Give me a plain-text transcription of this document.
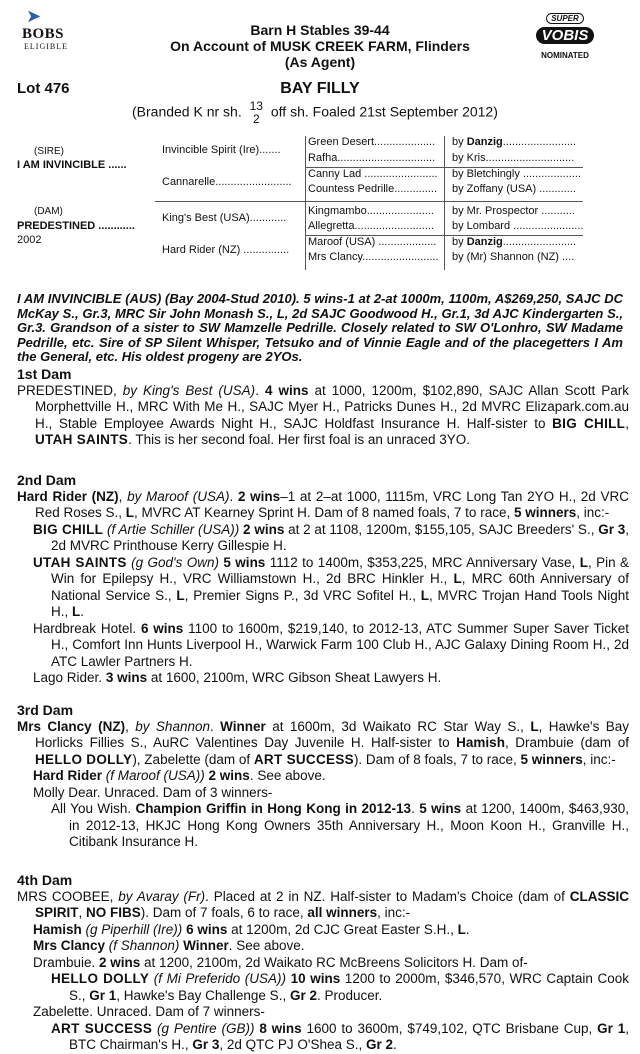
➤
BOBS
ELIGIBLE
SUPER
VOBIS
NOMINATED
Barn H Stables 39-44
On Account of MUSK CREEK FARM, Flinders
(As Agent)
Lot 476	BAY FILLY
(Branded K nr sh. 13
2 off sh. Foaled 21st September 2012)
(SIRE)
I AM INVINCIBLE ......
(DAM)
PREDESTINED ............
2002
Invincible Spirit (Ire).......
Cannarelle.........................
King's Best (USA)............
Hard Rider (NZ) ...............
Green Desert.................... by Danzig........................
Rafha................................ by Kris.............................
Canny Lad ........................ by Bletchingly ...................
Countess Pedrille.............. by Zoffany (USA) ............
Kingmambo...................... by Mr. Prospector ...........
Allegretta.......................... by Lombard .......................
Maroof (USA) ................... by Danzig........................
Mrs Clancy......................... by (Mr) Shannon (NZ) ....
I AM INVINCIBLE (AUS) (Bay 2004-Stud 2010). 5 wins-1 at 2-at 1000m, 1100m, A$269,250, SAJC DC McKay S., Gr.3, MRC Sir John Monash S., L, 2d SAJC Goodwood H., Gr.1, 3d AJC Kindergarten S., Gr.3. Grandson of a sister to SW Mamzelle Pedrille. Closely related to SW O'Lonhro, SW Madame Pedrille, etc. Sire of SP Silent Whisper, Tetsuko and of Vinnie Eagle and of the placegetters I Am the General, etc. His oldest progeny are 2YOs.
1st Dam

PREDESTINED, by King's Best (USA). 4 wins at 1000, 1200m, $102,890, SAJC Allan Scott Park Morphettville H., MRC With Me H., SAJC Myer H., Patricks Dunes H., 2d MVRC Elizapark.com.au H., Stable Employee Awards Night H., SAJC Holdfast Insurance H. Half-sister to BIG CHILL, UTAH SAINTS. This is her second foal. Her first foal is an unraced 3YO.

2nd Dam

Hard Rider (NZ), by Maroof (USA). 2 wins–1 at 2–at 1000, 1115m, VRC Long Tan 2YO H., 2d VRC Red Roses S., L, MVRC AT Kearney Sprint H. Dam of 8 named foals, 7 to race, 5 winners, inc:-

BIG CHILL (f Artie Schiller (USA)) 2 wins at 2 at 1108, 1200m, $155,105, SAJC Breeders' S., Gr 3, 2d MVRC Printhouse Kerry Gillespie H.

UTAH SAINTS (g God's Own) 5 wins 1112 to 1400m, $353,225, MRC Anniversary Vase, L, Pin & Win for Epilepsy H., VRC Williamstown H., 2d BRC Hinkler H., L, MRC 60th Anniversary of National Service S., L, Premier Signs P., 3d VRC Sofitel H., L, MVRC Trojan Hand Tools Night H., L.

Hardbreak Hotel. 6 wins 1100 to 1600m, $219,140, to 2012-13, ATC Summer Super Saver Ticket H., Comfort Inn Hunts Liverpool H., Warwick Farm 100 Club H., AJC Galaxy Dining Room H., 2d ATC Lawler Partners H.

Lago Rider. 3 wins at 1600, 2100m, WRC Gibson Sheat Lawyers H.

3rd Dam

Mrs Clancy (NZ), by Shannon. Winner at 1600m, 3d Waikato RC Star Way S., L, Hawke's Bay Horlicks Fillies S., AuRC Valentines Day Juvenile H. Half-sister to Hamish, Drambuie (dam of HELLO DOLLY), Zabelette (dam of ART SUCCESS). Dam of 8 foals, 7 to race, 5 winners, inc:-

Hard Rider (f Maroof (USA)) 2 wins. See above.

Molly Dear. Unraced. Dam of 3 winners-

All You Wish. Champion Griffin in Hong Kong in 2012-13. 5 wins at 1200, 1400m, $463,930, in 2012-13, HKJC Hong Kong Owners 35th Anniversary H., Moon Koon H., Granville H., Citibank Insurance H.

4th Dam

MRS COOBEE, by Avaray (Fr). Placed at 2 in NZ. Half-sister to Madam's Choice (dam of CLASSIC SPIRIT, NO FIBS). Dam of 7 foals, 6 to race, all winners, inc:-

Hamish (g Piperhill (Ire)) 6 wins at 1200m, 2d CJC Great Easter S.H., L.

Mrs Clancy (f Shannon) Winner. See above.

Drambuie. 2 wins at 1200, 2100m, 2d Waikato RC McBreens Solicitors H. Dam of-

HELLO DOLLY (f Mi Preferido (USA)) 10 wins 1200 to 2000m, $346,570, WRC Captain Cook S., Gr 1, Hawke's Bay Challenge S., Gr 2. Producer.

Zabelette. Unraced. Dam of 7 winners-

ART SUCCESS (g Pentire (GB)) 8 wins 1600 to 3600m, $749,102, QTC Brisbane Cup, Gr 1, BTC Chairman's H., Gr 3, 2d QTC PJ O'Shea S., Gr 2.
